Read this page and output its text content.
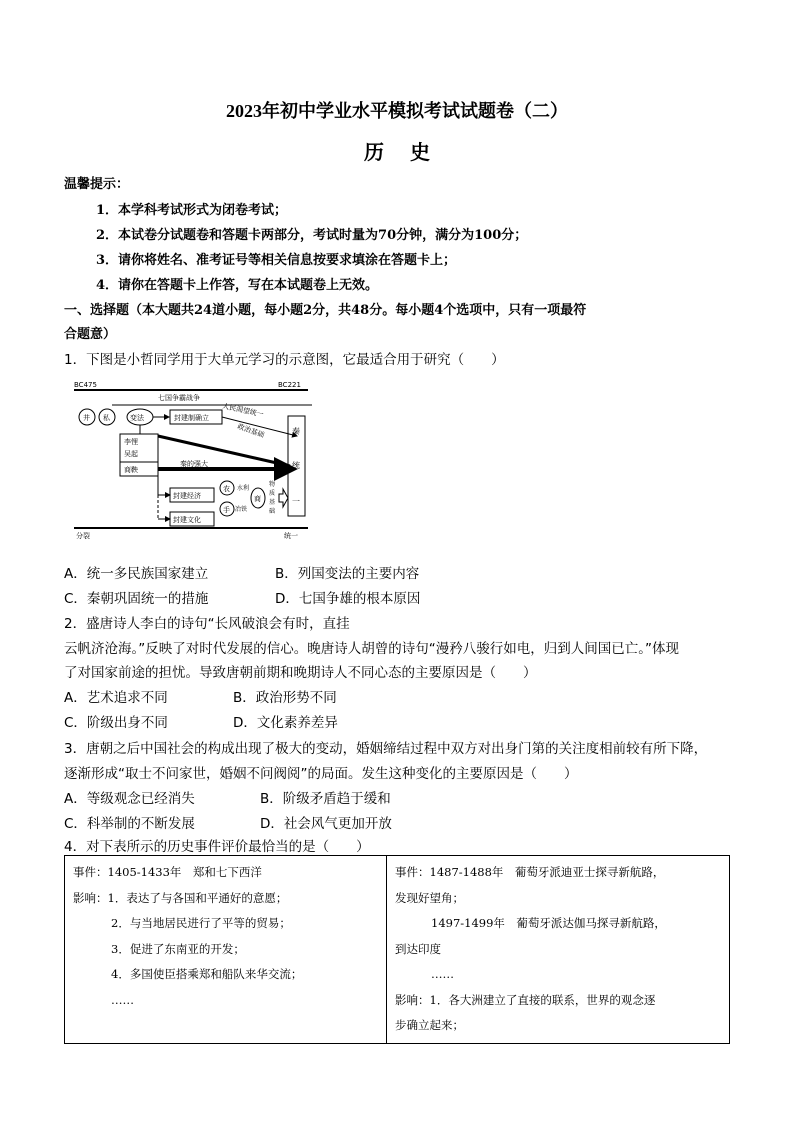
2023年初中学业水平模拟考试试题卷（二）
历史
温馨提示：
1．本学科考试形式为闭卷考试；
2．本试卷分试题卷和答题卡两部分，考试时量为70分钟，满分为100分；
3．请你将姓名、准考证号等相关信息按要求填涂在答题卡上；
4．请你在答题卡上作答，写在本试题卷上无效。
一、选择题（本大题共24道小题，每小题2分，共48分。每小题4个选项中，只有一项最符
合题意）
1．下图是小哲同学用于大单元学习的示意图，它最适合用于研究（　　）
BC475	BC221
七国争霸战争
井 私	变法	封建制确立 人民渴望统一
政治基础
李悝
吴起
商鞅
秦的强大
秦
统
一
封建经济
农 水利
手 冶铁
商
物
质
基
础
封建文化
分裂	统一
A．统一多民族国家建立	B．列国变法的主要内容
C．秦朝巩固统一的措施	D．七国争雄的根本原因
2．盛唐诗人李白的诗句“长风破浪会有时，直挂
云帆济沧海。”反映了对时代发展的信心。晚唐诗人胡曾的诗句“漫矜八骏行如电，归到人间国已亡。”体现
了对国家前途的担忧。导致唐朝前期和晚期诗人不同心态的主要原因是（　　）
A．艺术追求不同	B．政治形势不同
C．阶级出身不同	D．文化素养差异
3．唐朝之后中国社会的构成出现了极大的变动，婚姻缔结过程中双方对出身门第的关注度相前较有所下降，
逐渐形成“取士不问家世，婚姻不问阀阅”的局面。发生这种变化的主要原因是（　　）
A．等级观念已经消失	B．阶级矛盾趋于缓和
C．科举制的不断发展	D．社会风气更加开放
4．对下表所示的历史事件评价最恰当的是（　　）
事件：1405-1433年　郑和七下西洋
影响：1．表达了与各国和平通好的意愿；
2．与当地居民进行了平等的贸易；
3．促进了东南亚的开发；
4．多国使臣搭乘郑和船队来华交流；
……

事件：1487-1488年　葡萄牙派迪亚士探寻新航路，
发现好望角；
1497-1499年　葡萄牙派达伽马探寻新航路，
到达印度
……
影响：1．各大洲建立了直接的联系，世界的观念逐
步确立起来；
